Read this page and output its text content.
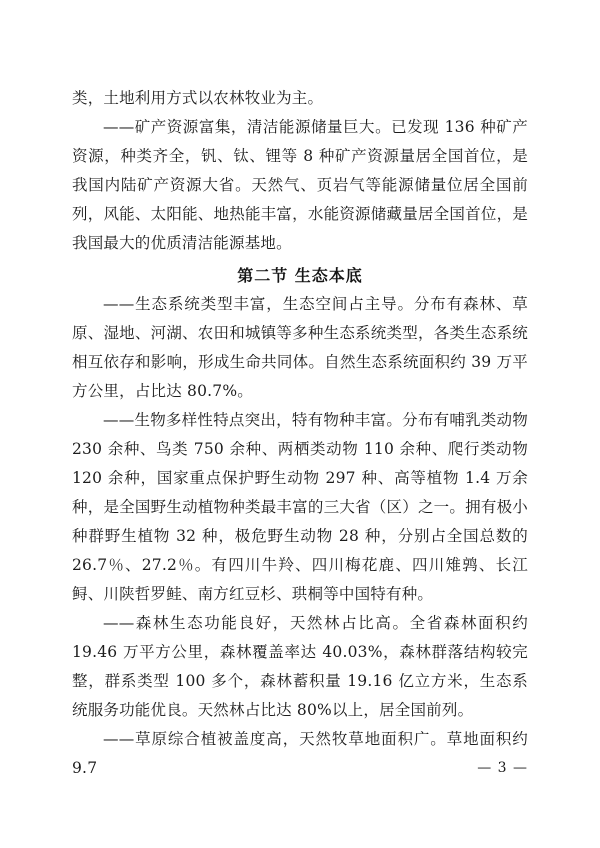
类，土地利用方式以农林牧业为主。

——矿产资源富集，清洁能源储量巨大。已发现 136 种矿产资源，种类齐全，钒、钛、锂等 8 种矿产资源量居全国首位，是我国内陆矿产资源大省。天然气、页岩气等能源储量位居全国前列，风能、太阳能、地热能丰富，水能资源储藏量居全国首位，是我国最大的优质清洁能源基地。

第二节 生态本底

——生态系统类型丰富，生态空间占主导。分布有森林、草原、湿地、河湖、农田和城镇等多种生态系统类型，各类生态系统相互依存和影响，形成生命共同体。自然生态系统面积约 39 万平方公里，占比达 80.7%。

——生物多样性特点突出，特有物种丰富。分布有哺乳类动物 230 余种、鸟类 750 余种、两栖类动物 110 余种、爬行类动物 120 余种，国家重点保护野生动物 297 种、高等植物 1.4 万余种，是全国野生动植物种类最丰富的三大省（区）之一。拥有极小种群野生植物 32 种，极危野生动物 28 种，分别占全国总数的 26.7％、27.2％。有四川牛羚、四川梅花鹿、四川雉鹑、长江鲟、川陕哲罗鲑、南方红豆杉、珙桐等中国特有种。

——森林生态功能良好，天然林占比高。全省森林面积约 19.46 万平方公里，森林覆盖率达 40.03%，森林群落结构较完整，群系类型 100 多个，森林蓄积量 19.16 亿立方米，生态系统服务功能优良。天然林占比达 80%以上，居全国前列。

——草原综合植被盖度高，天然牧草地面积广。草地面积约 9.7	— 3 —
